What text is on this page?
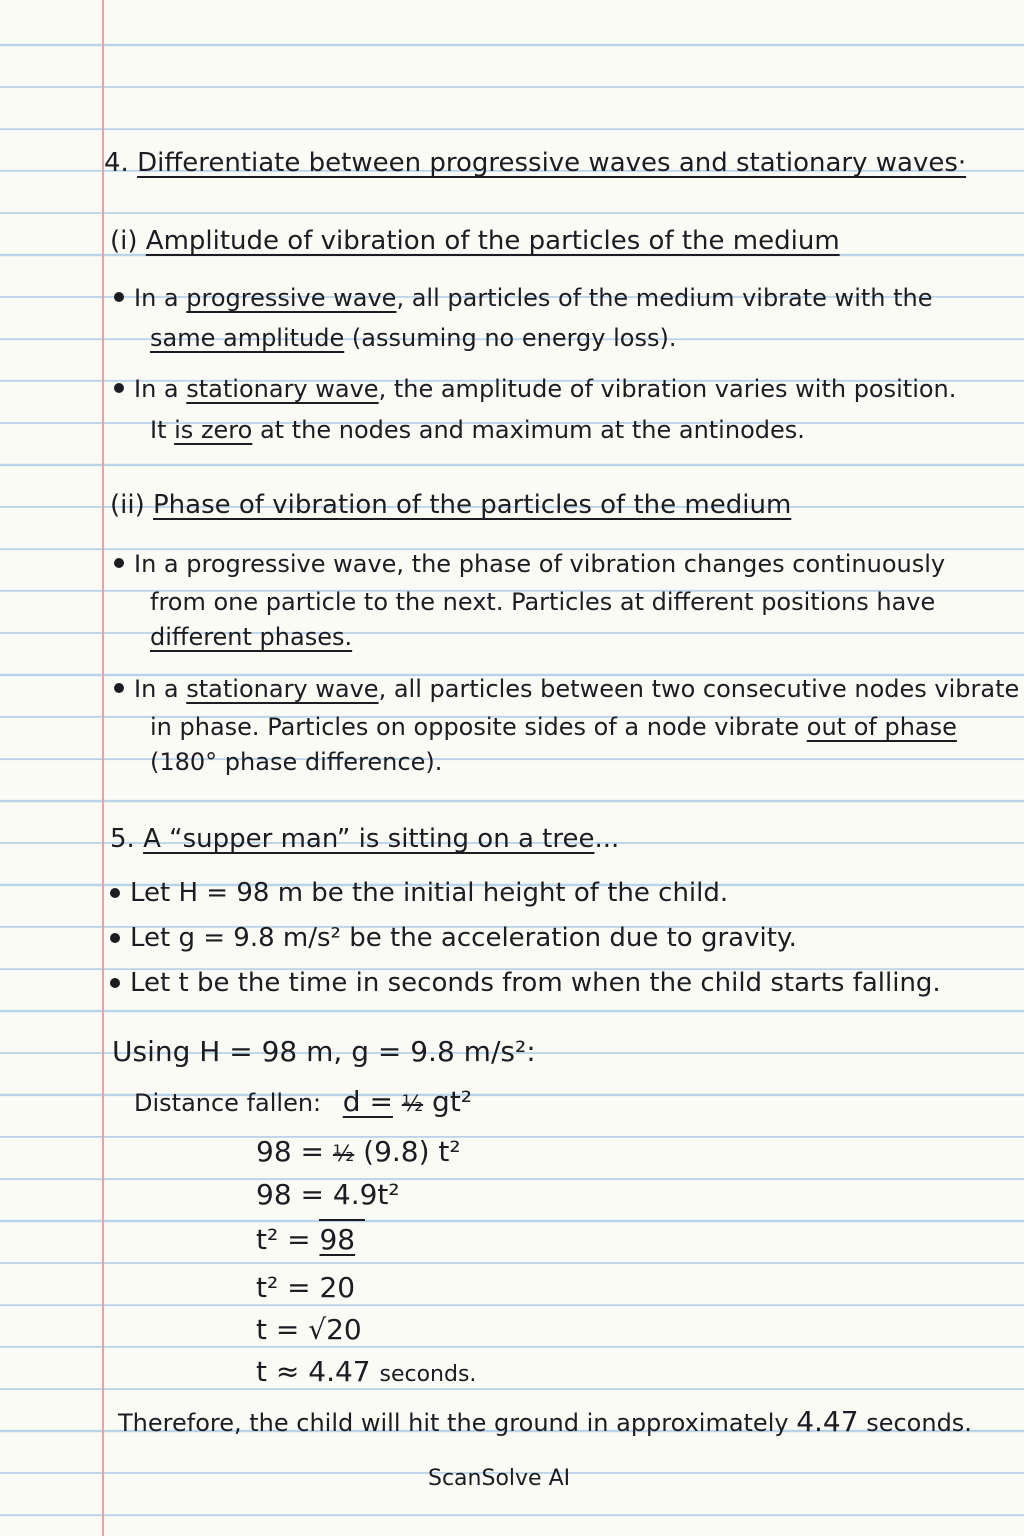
4. Differentiate between progressive waves and stationary waves·
(i) Amplitude of vibration of the particles of the medium
In a progressive wave, all particles of the medium vibrate with the
same amplitude (assuming no energy loss).
In a stationary wave, the amplitude of vibration varies with position.
It is zero at the nodes and maximum at the antinodes.
(ii) Phase of vibration of the particles of the medium
In a progressive wave, the phase of vibration changes continuously
from one particle to the next. Particles at different positions have
different phases.
In a stationary wave, all particles between two consecutive nodes vibrate
in phase. Particles on opposite sides of a node vibrate out of phase
(180° phase difference).
5. A “supper man” is sitting on a tree...
Let H = 98 m be the initial height of the child.
Let g = 9.8 m/s² be the acceleration due to gravity.
Let t be the time in seconds from when the child starts falling.
Using H = 98 m, g = 9.8 m/s²:
Distance fallen: d = ½ gt²
98 = ½ (9.8) t²
98 = 4.9t²
t² = 98
t² = 20
t = √20
t ≈ 4.47 seconds.
Therefore, the child will hit the ground in approximately 4.47 seconds.
ScanSolve AI
